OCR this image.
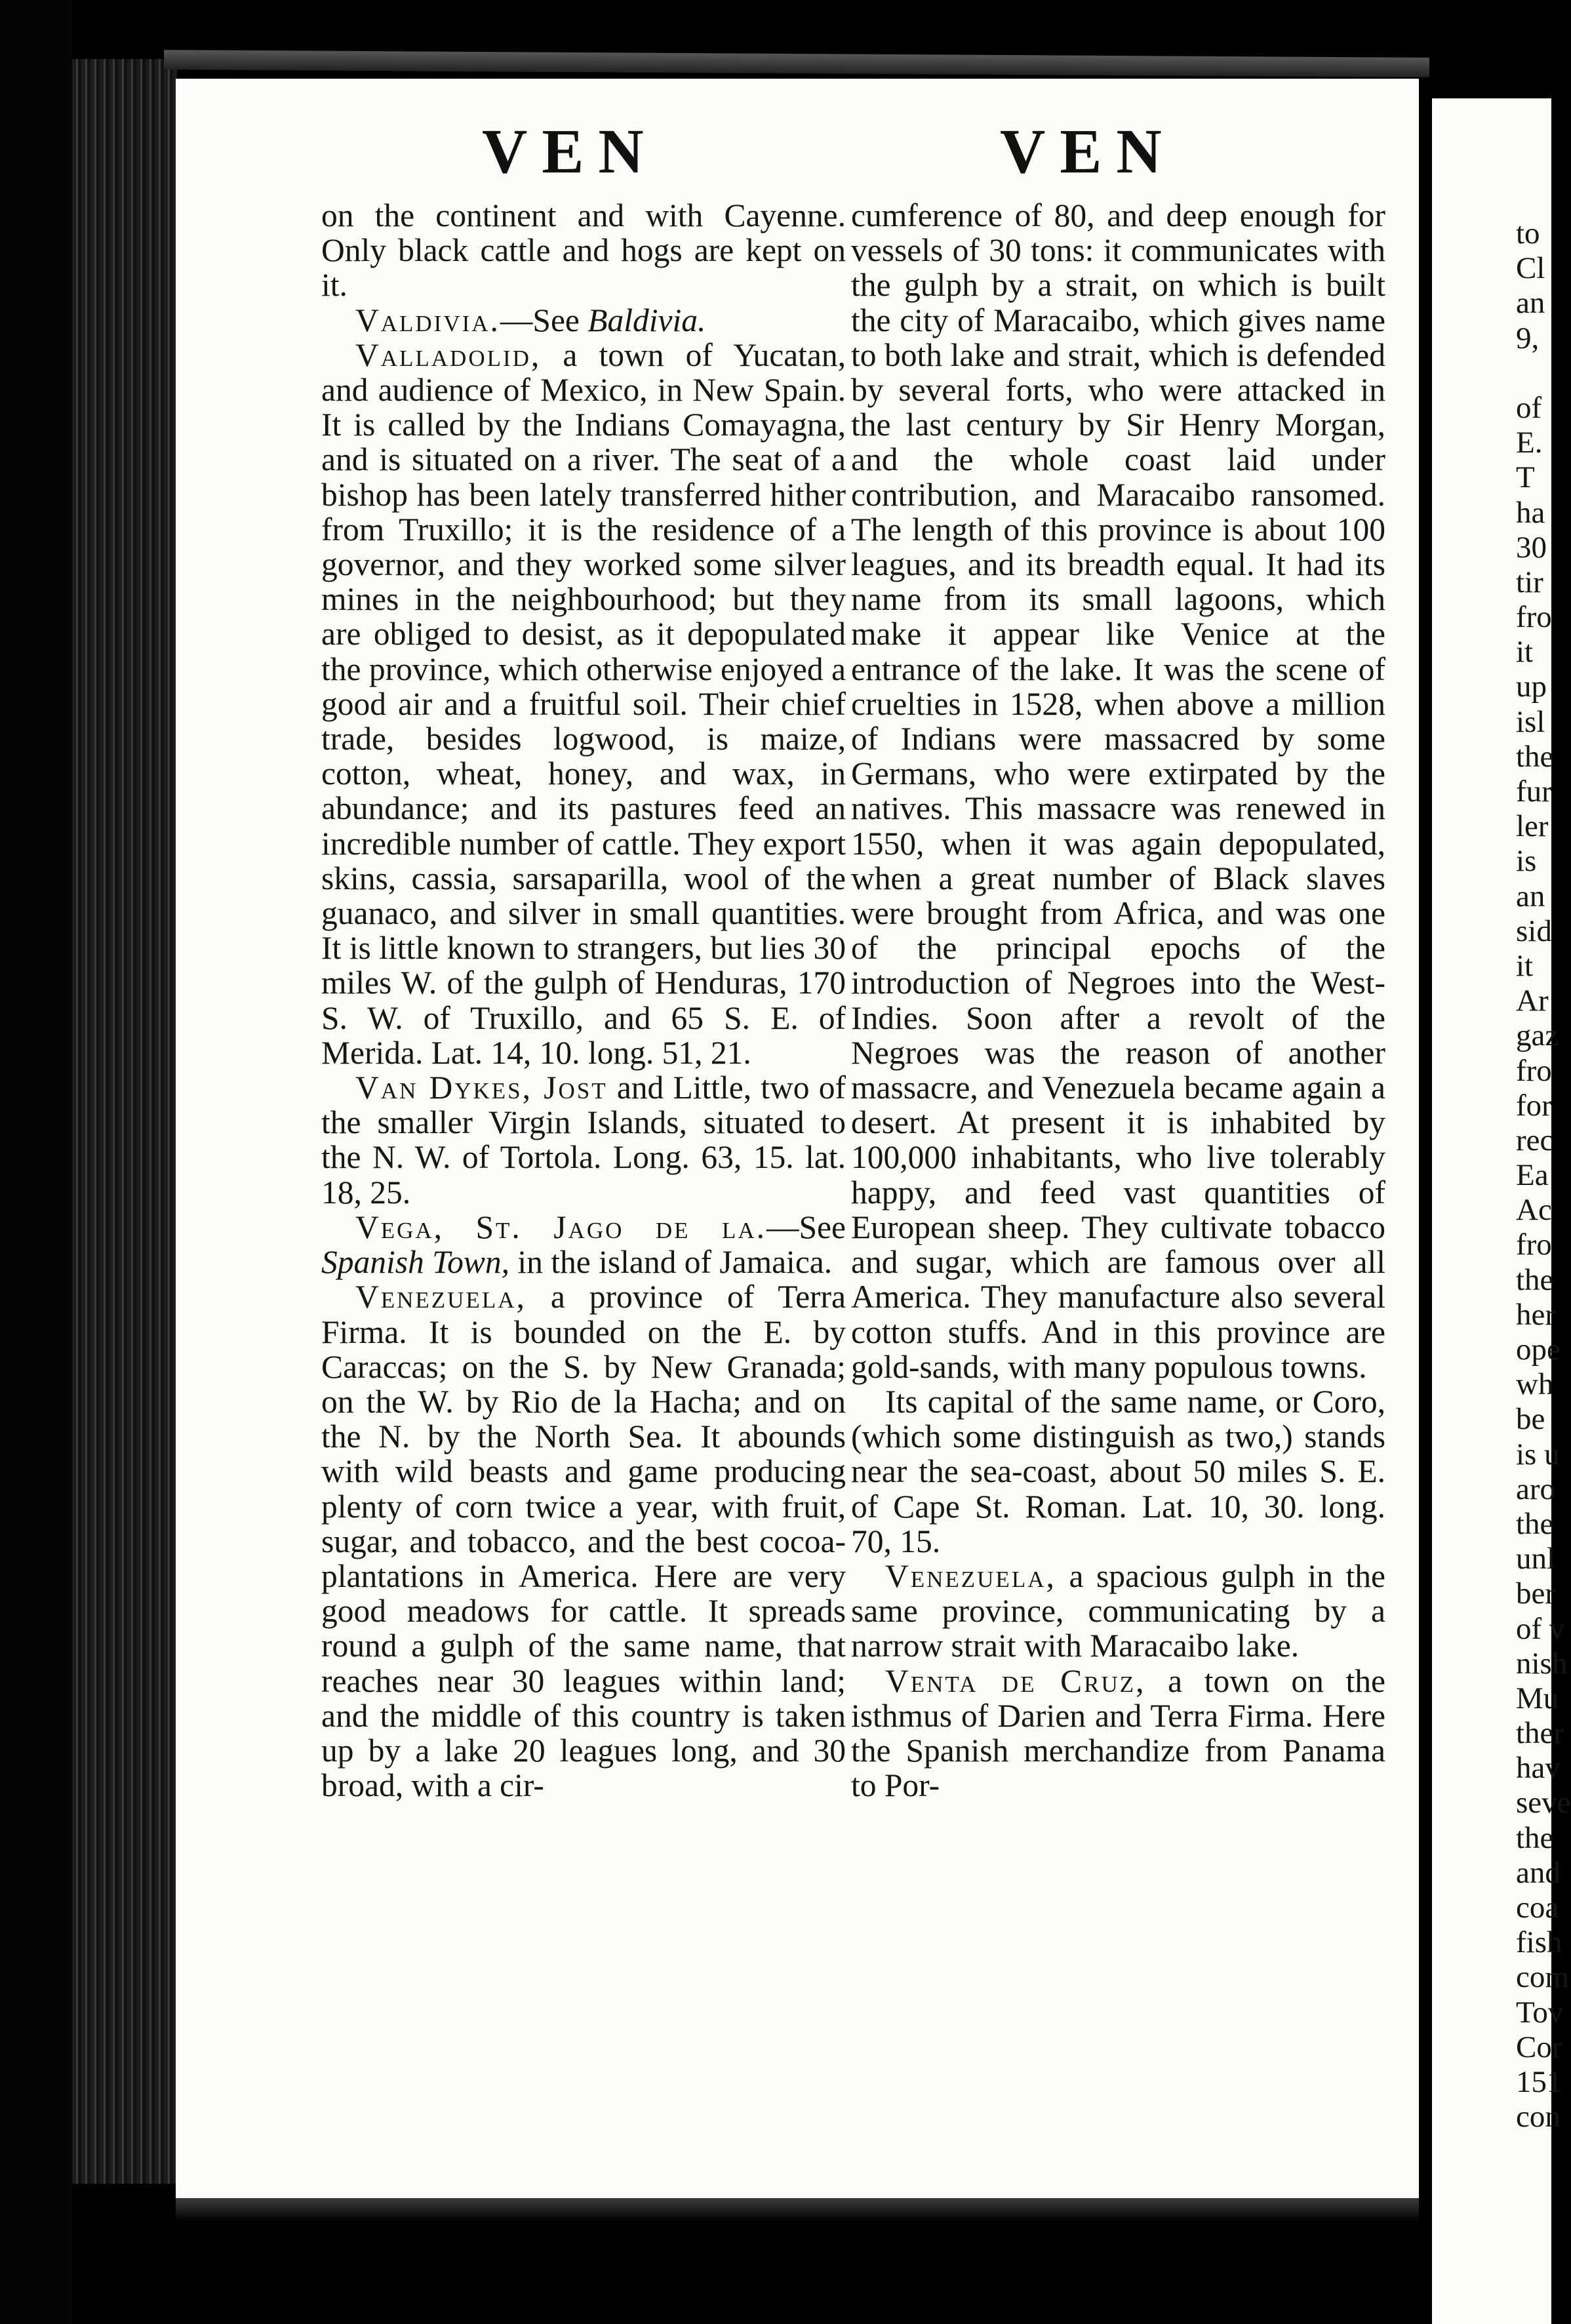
VEN	VEN

on the continent and with Cayenne. Only black cattle and hogs are kept on it.

Valdivia.—See Baldivia.

Valladolid, a town of Yucatan, and audience of Mexico, in New Spain. It is called by the Indians Comayagna, and is situated on a river. The seat of a bishop has been lately transferred hither from Truxillo; it is the residence of a governor, and they worked some silver mines in the neighbourhood; but they are obliged to desist, as it depopulated the province, which otherwise enjoyed a good air and a fruitful soil. Their chief trade, besides logwood, is maize, cotton, wheat, honey, and wax, in abundance; and its pastures feed an incredible number of cattle. They export skins, cassia, sarsaparilla, wool of the guanaco, and silver in small quantities. It is little known to strangers, but lies 30 miles W. of the gulph of Henduras, 170 S. W. of Truxillo, and 65 S. E. of Merida. Lat. 14, 10. long. 51, 21.

Van Dykes, Jost and Little, two of the smaller Virgin Islands, situated to the N. W. of Tortola. Long. 63, 15. lat. 18, 25.

Vega, St. Jago de la.—See Spanish Town, in the island of Jamaica.

Venezuela, a province of Terra Firma. It is bounded on the E. by Caraccas; on the S. by New Granada; on the W. by Rio de la Hacha; and on the N. by the North Sea. It abounds with wild beasts and game producing plenty of corn twice a year, with fruit, sugar, and tobacco, and the best cocoa-plantations in America. Here are very good meadows for cattle. It spreads round a gulph of the same name, that reaches near 30 leagues within land; and the middle of this country is taken up by a lake 20 leagues long, and 30 broad, with a cir-

cumference of 80, and deep enough for vessels of 30 tons: it communicates with the gulph by a strait, on which is built the city of Maracaibo, which gives name to both lake and strait, which is defended by several forts, who were attacked in the last century by Sir Henry Morgan, and the whole coast laid under contribution, and Maracaibo ransomed. The length of this province is about 100 leagues, and its breadth equal. It had its name from its small lagoons, which make it appear like Venice at the entrance of the lake. It was the scene of cruelties in 1528, when above a million of Indians were massacred by some Germans, who were extirpated by the natives. This massacre was renewed in 1550, when it was again depopulated, when a great number of Black slaves were brought from Africa, and was one of the principal epochs of the introduction of Negroes into the West-Indies. Soon after a revolt of the Negroes was the reason of another massacre, and Venezuela became again a desert. At present it is inhabited by 100,000 inhabitants, who live tolerably happy, and feed vast quantities of European sheep. They cultivate tobacco and sugar, which are famous over all America. They manufacture also several cotton stuffs. And in this province are gold-sands, with many populous towns.

Its capital of the same name, or Coro, (which some distinguish as two,) stands near the sea-coast, about 50 miles S. E. of Cape St. Roman. Lat. 10, 30. long. 70, 15.

Venezuela, a spacious gulph in the same province, communicating by a narrow strait with Maracaibo lake.

Venta de Cruz, a town on the isthmus of Darien and Terra Firma. Here the Spanish merchandize from Panama to Por-

to
Cl
an
9,
of
E.
T
ha
30
tir
fro
it
up
isl
the
fur
ler
is
an
sid
it
Ar
gaz
fro
for
rec
Ea
Ac
fro
the
her
ope
wh
be
is u
aro
the
unl
ber
of v
nish
Mu
ther
hav
seve
the
and
coa
fish
com
Tov
Cor
151
con
